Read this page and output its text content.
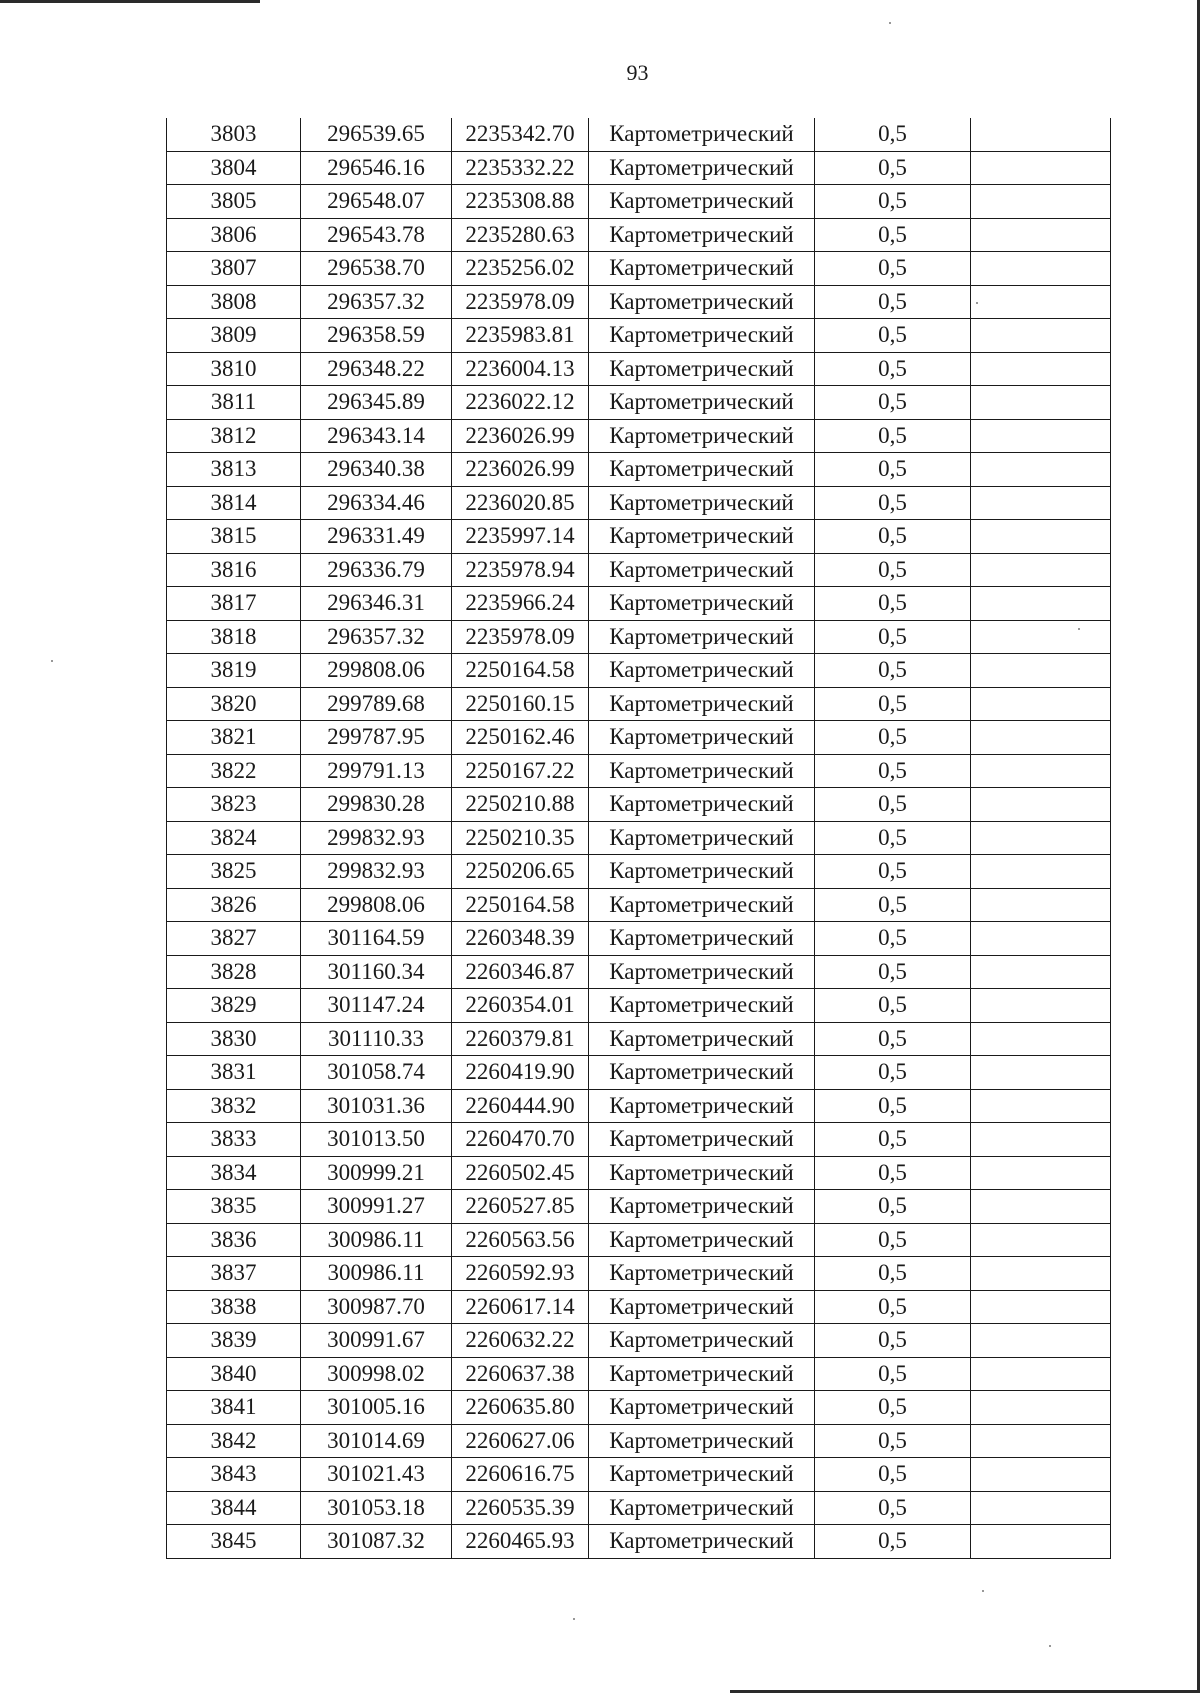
93
3803	296539.65	2235342.70	Картометрический	0,5	
3804	296546.16	2235332.22	Картометрический	0,5	
3805	296548.07	2235308.88	Картометрический	0,5	
3806	296543.78	2235280.63	Картометрический	0,5	
3807	296538.70	2235256.02	Картометрический	0,5	
3808	296357.32	2235978.09	Картометрический	0,5	
3809	296358.59	2235983.81	Картометрический	0,5	
3810	296348.22	2236004.13	Картометрический	0,5	
3811	296345.89	2236022.12	Картометрический	0,5	
3812	296343.14	2236026.99	Картометрический	0,5	
3813	296340.38	2236026.99	Картометрический	0,5	
3814	296334.46	2236020.85	Картометрический	0,5	
3815	296331.49	2235997.14	Картометрический	0,5	
3816	296336.79	2235978.94	Картометрический	0,5	
3817	296346.31	2235966.24	Картометрический	0,5	
3818	296357.32	2235978.09	Картометрический	0,5	
3819	299808.06	2250164.58	Картометрический	0,5	
3820	299789.68	2250160.15	Картометрический	0,5	
3821	299787.95	2250162.46	Картометрический	0,5	
3822	299791.13	2250167.22	Картометрический	0,5	
3823	299830.28	2250210.88	Картометрический	0,5	
3824	299832.93	2250210.35	Картометрический	0,5	
3825	299832.93	2250206.65	Картометрический	0,5	
3826	299808.06	2250164.58	Картометрический	0,5	
3827	301164.59	2260348.39	Картометрический	0,5	
3828	301160.34	2260346.87	Картометрический	0,5	
3829	301147.24	2260354.01	Картометрический	0,5	
3830	301110.33	2260379.81	Картометрический	0,5	
3831	301058.74	2260419.90	Картометрический	0,5	
3832	301031.36	2260444.90	Картометрический	0,5	
3833	301013.50	2260470.70	Картометрический	0,5	
3834	300999.21	2260502.45	Картометрический	0,5	
3835	300991.27	2260527.85	Картометрический	0,5	
3836	300986.11	2260563.56	Картометрический	0,5	
3837	300986.11	2260592.93	Картометрический	0,5	
3838	300987.70	2260617.14	Картометрический	0,5	
3839	300991.67	2260632.22	Картометрический	0,5	
3840	300998.02	2260637.38	Картометрический	0,5	
3841	301005.16	2260635.80	Картометрический	0,5	
3842	301014.69	2260627.06	Картометрический	0,5	
3843	301021.43	2260616.75	Картометрический	0,5	
3844	301053.18	2260535.39	Картометрический	0,5	
3845	301087.32	2260465.93	Картометрический	0,5	
